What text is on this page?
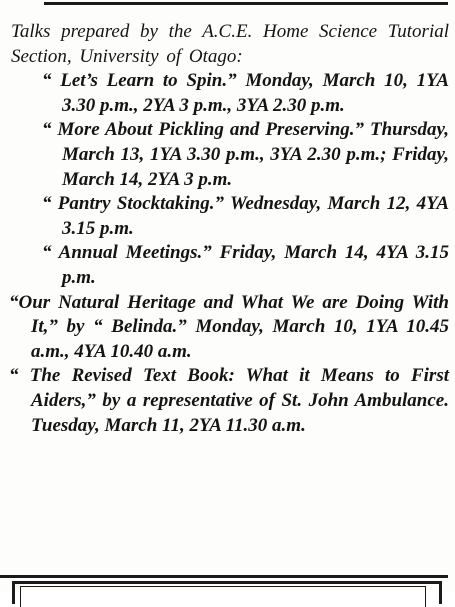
Talks prepared by the A.C.E. Home Science Tutorial Section, University of Otago:

“ Let’s Learn to Spin.” Monday, March 10, 1YA 3.30 p.m., 2YA 3 p.m., 3YA 2.30 p.m.

“ More About Pickling and Preserving.” Thursday, March 13, 1YA 3.30 p.m., 3YA 2.30 p.m.; Friday, March 14, 2YA 3 p.m.

“ Pantry Stocktaking.” Wednesday, March 12, 4YA 3.15 p.m.

“ Annual Meetings.” Friday, March 14, 4YA 3.15 p.m.

“Our Natural Heritage and What We are Doing With It,” by “ Belinda.” Monday, March 10, 1YA 10.45 a.m., 4YA 10.40 a.m.

“ The Revised Text Book: What it Means to First Aiders,” by a representative of St. John Ambulance. Tuesday, March 11, 2YA 11.30 a.m.
